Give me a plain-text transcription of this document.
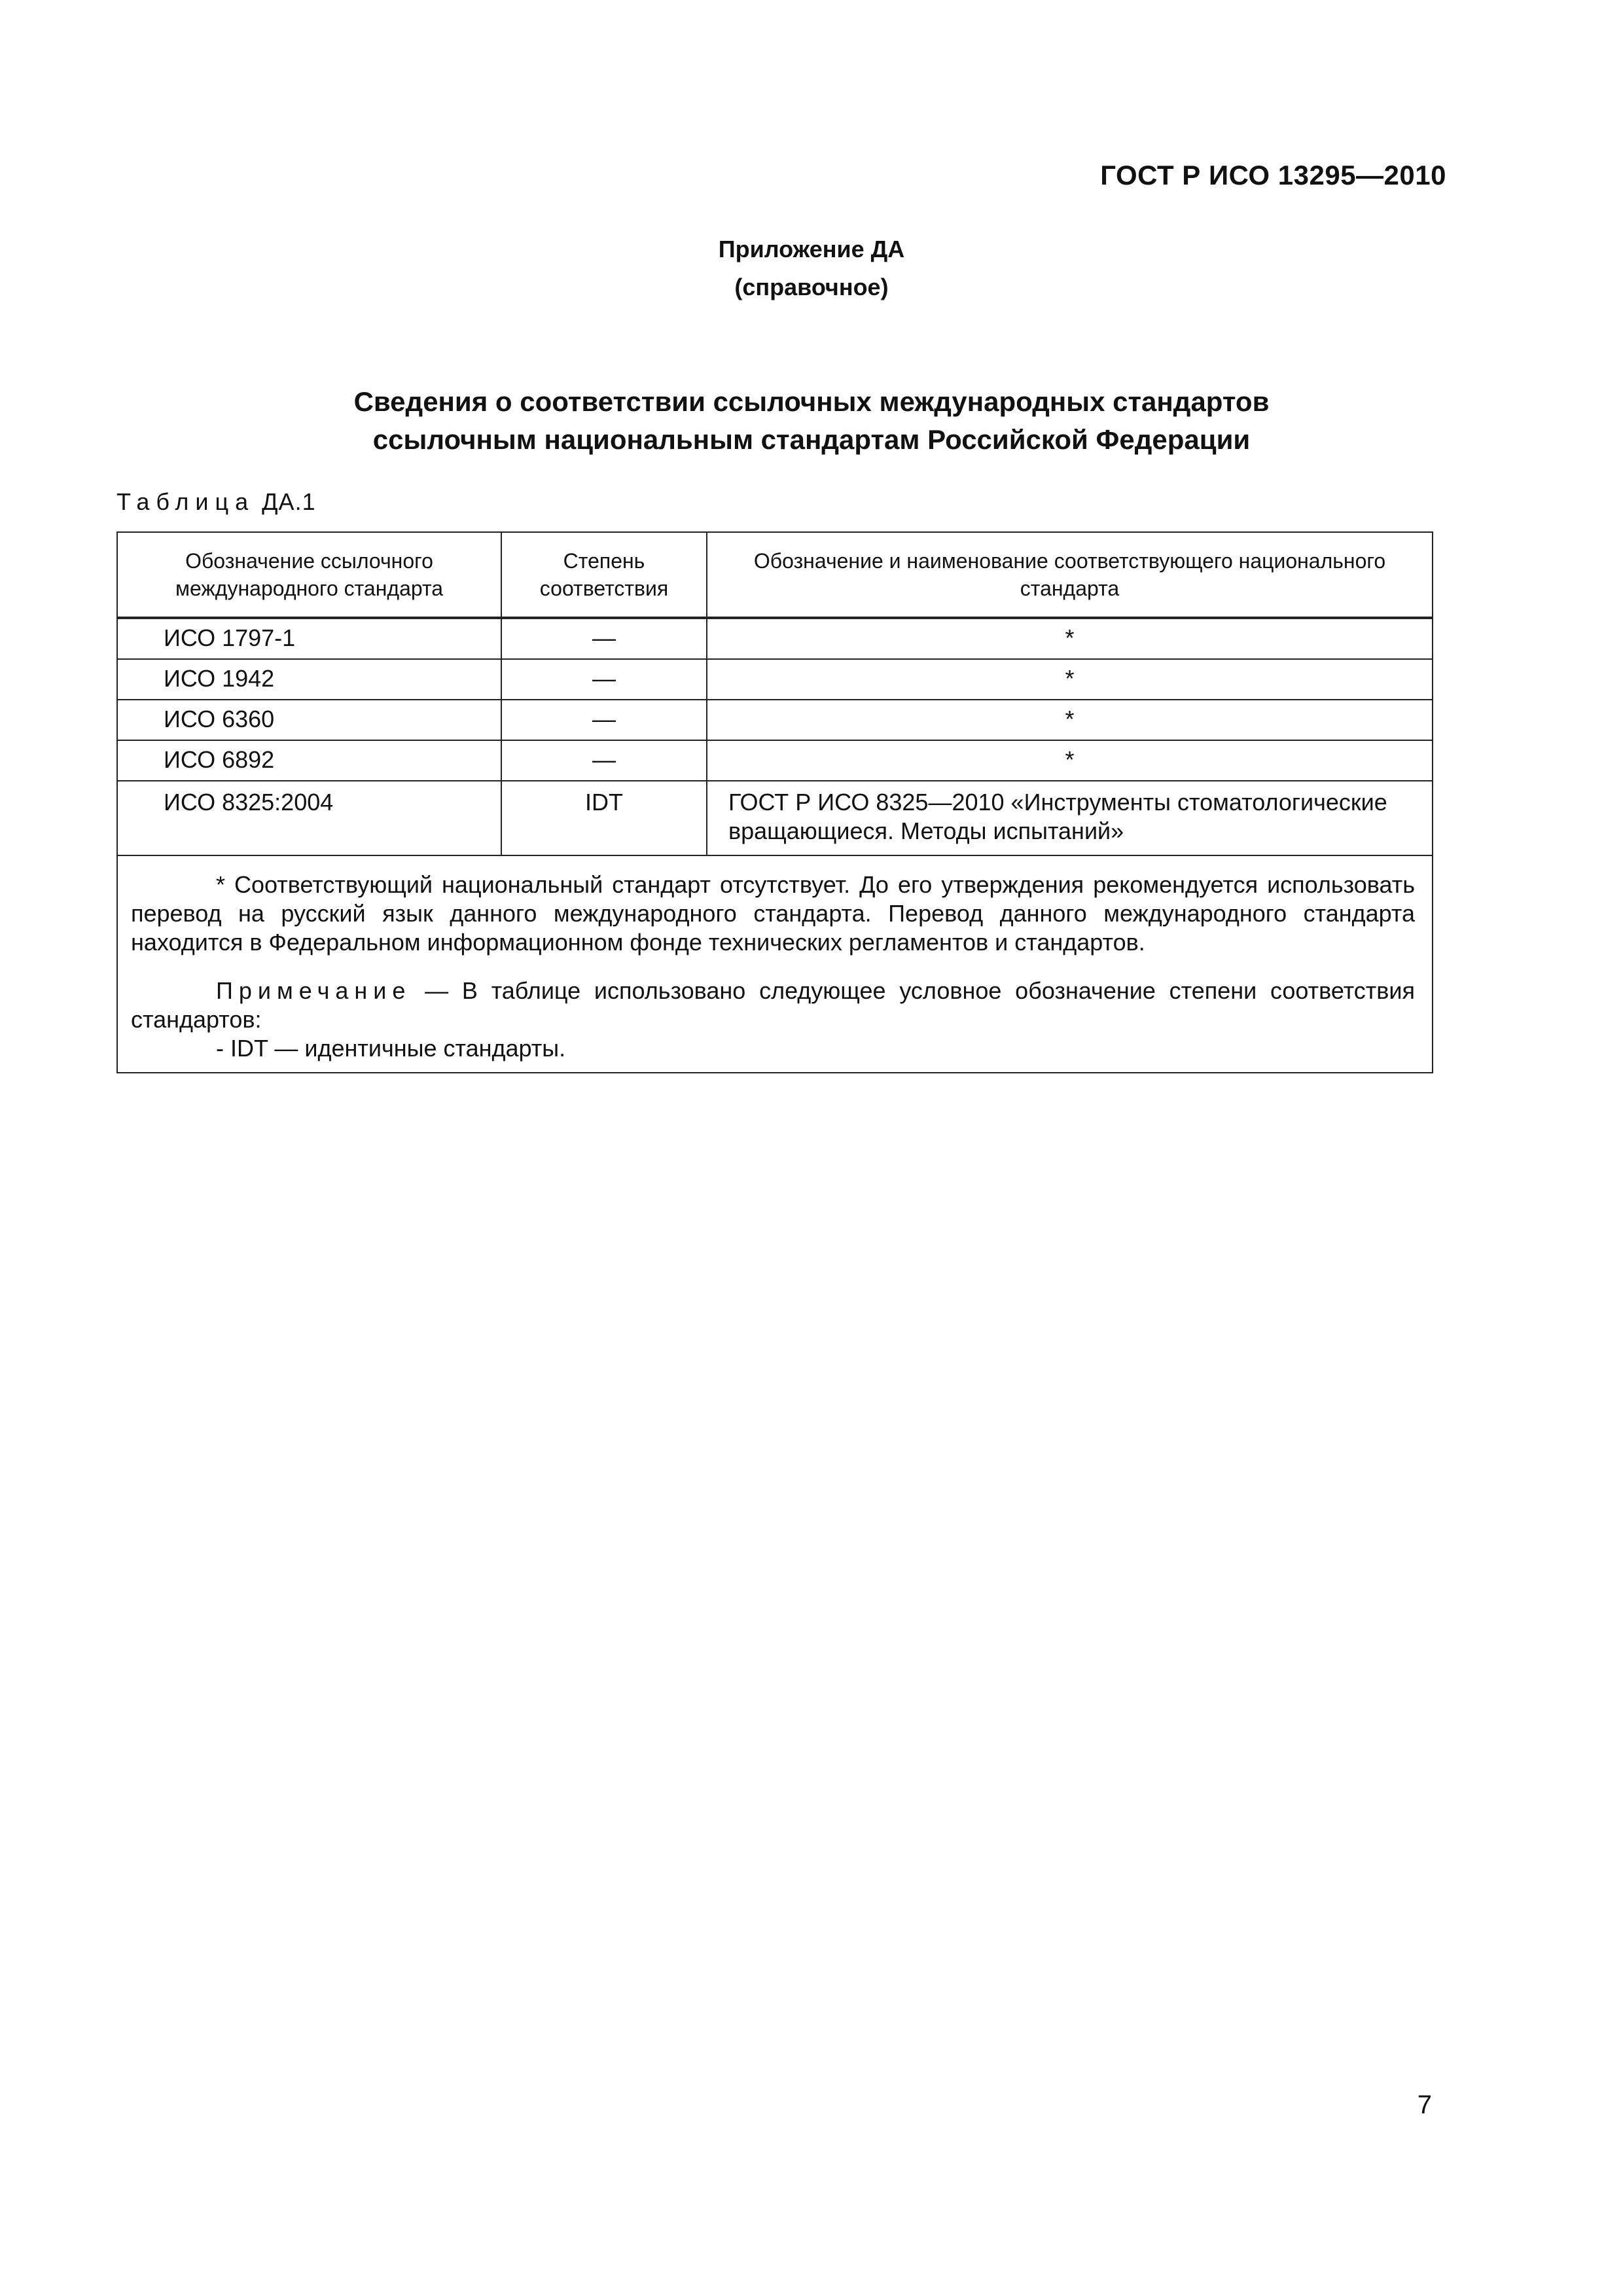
ГОСТ Р ИСО 13295—2010
Приложение ДА
(справочное)
Сведения о соответствии ссылочных международных стандартов
ссылочным национальным стандартам Российской Федерации
Таблица ДА.1
Обозначение ссылочного международного стандарта	Степень соответствия	Обозначение и наименование соответствующего национального стандарта
ИСО 1797-1	—	*
ИСО 1942	—	*
ИСО 6360	—	*
ИСО 6892	—	*
ИСО 8325:2004	IDT	ГОСТ Р ИСО 8325—2010 «Инструменты стоматологические вращающиеся. Методы испытаний»

* Соответствующий национальный стандарт отсутствует. До его утверждения рекомендуется использовать перевод на русский язык данного международного стандарта. Перевод данного международного стандарта находится в Федеральном информационном фонде технических регламентов и стандартов.

Примечание — В таблице использовано следующее условное обозначение степени соответствия стандартов:

- IDT — идентичные стандарты.		

7
